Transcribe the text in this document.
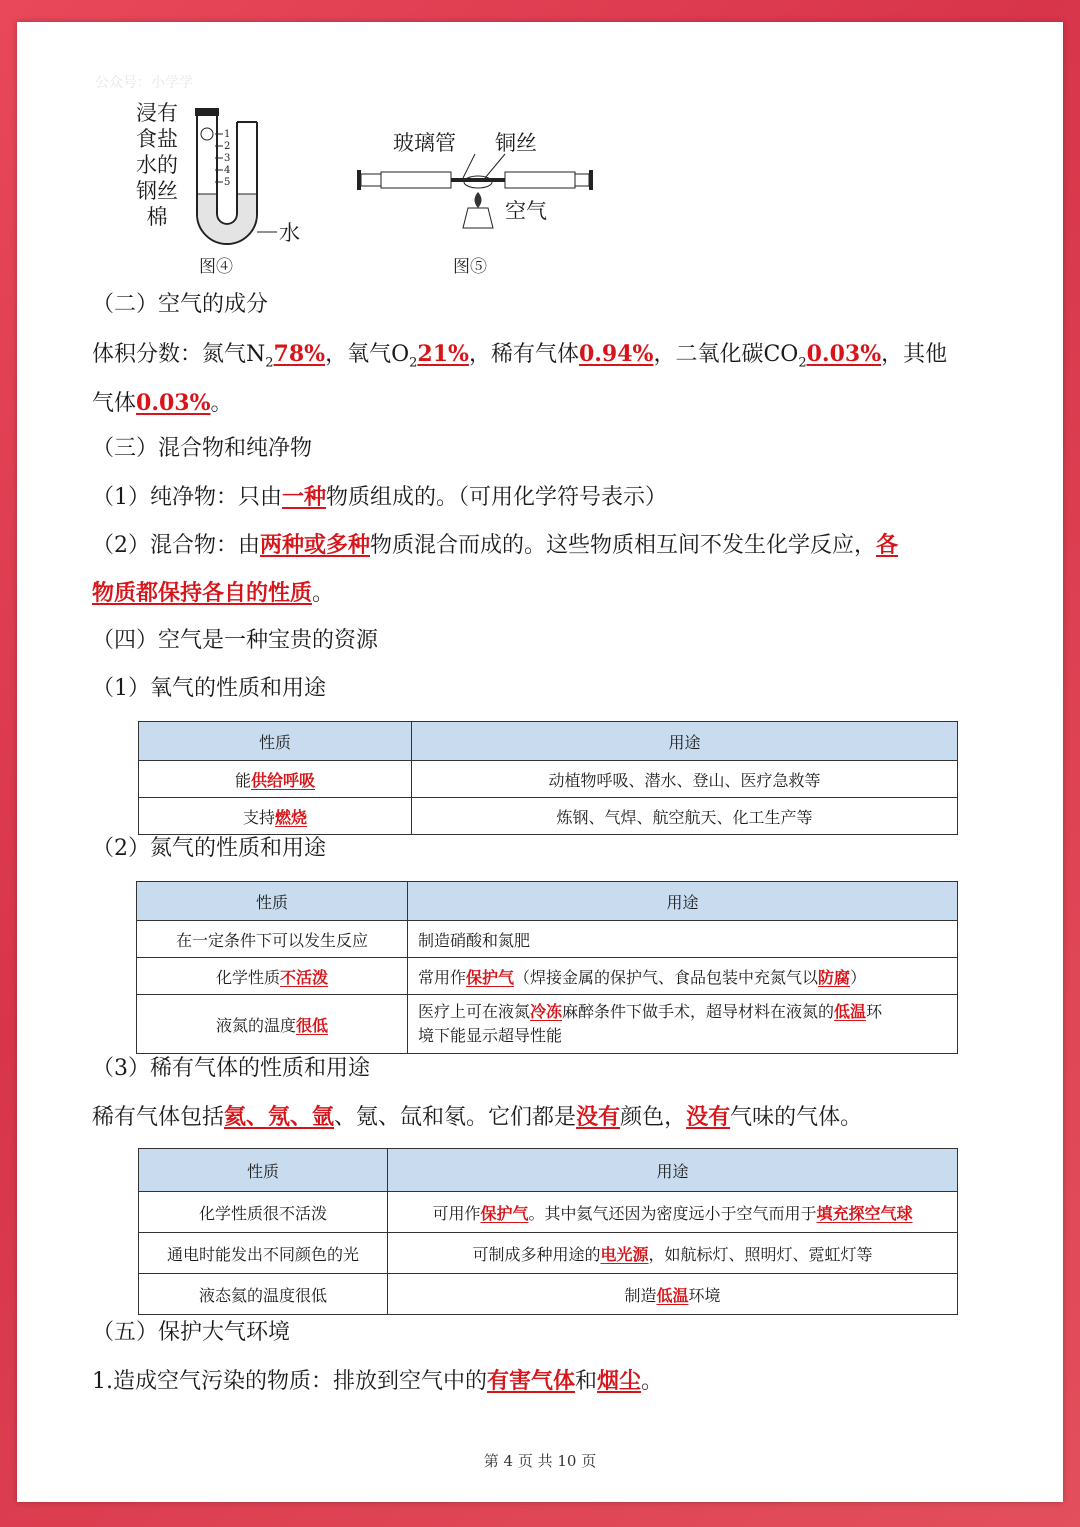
公众号：小学学
浸有
食盐
水的
钢丝
棉
1
2
3
4
5
水
图④
玻璃管 铜丝
空气
图⑤
（二）空气的成分
体积分数：氮气$N_278\%$，氧气$O_221\%$，稀有气体0.94%，二氧化碳$CO_20.03\%$，其他
气体0.03%。
（三）混合物和纯净物
（1）纯净物：只由一种物质组成的。（可用化学符号表示）
（2）混合物：由两种或多种物质混合而成的。这些物质相互间不发生化学反应，各
物质都保持各自的性质。
（四）空气是一种宝贵的资源
（1）氧气的性质和用途
性质	用途
能供给呼吸	动植物呼吸、潜水、登山、医疗急救等
支持燃烧	炼钢、气焊、航空航天、化工生产等
（2）氮气的性质和用途
性质	用途
在一定条件下可以发生反应	制造硝酸和氮肥
化学性质不活泼	常用作保护气（焊接金属的保护气、食品包装中充氮气以防腐）
液氮的温度很低	医疗上可在液氮冷冻麻醉条件下做手术，超导材料在液氮的低温环
境下能显示超导性能
（3）稀有气体的性质和用途
稀有气体包括氦、氖、氩、氪、氙和氡。它们都是没有颜色，没有气味的气体。
性质	用途
化学性质很不活泼	可用作保护气。其中氦气还因为密度远小于空气而用于填充探空气球
通电时能发出不同颜色的光	可制成多种用途的电光源，如航标灯、照明灯、霓虹灯等
液态氦的温度很低	制造低温环境
（五）保护大气环境
1.造成空气污染的物质：排放到空气中的有害气体和烟尘。
第 4 页 共 10 页
